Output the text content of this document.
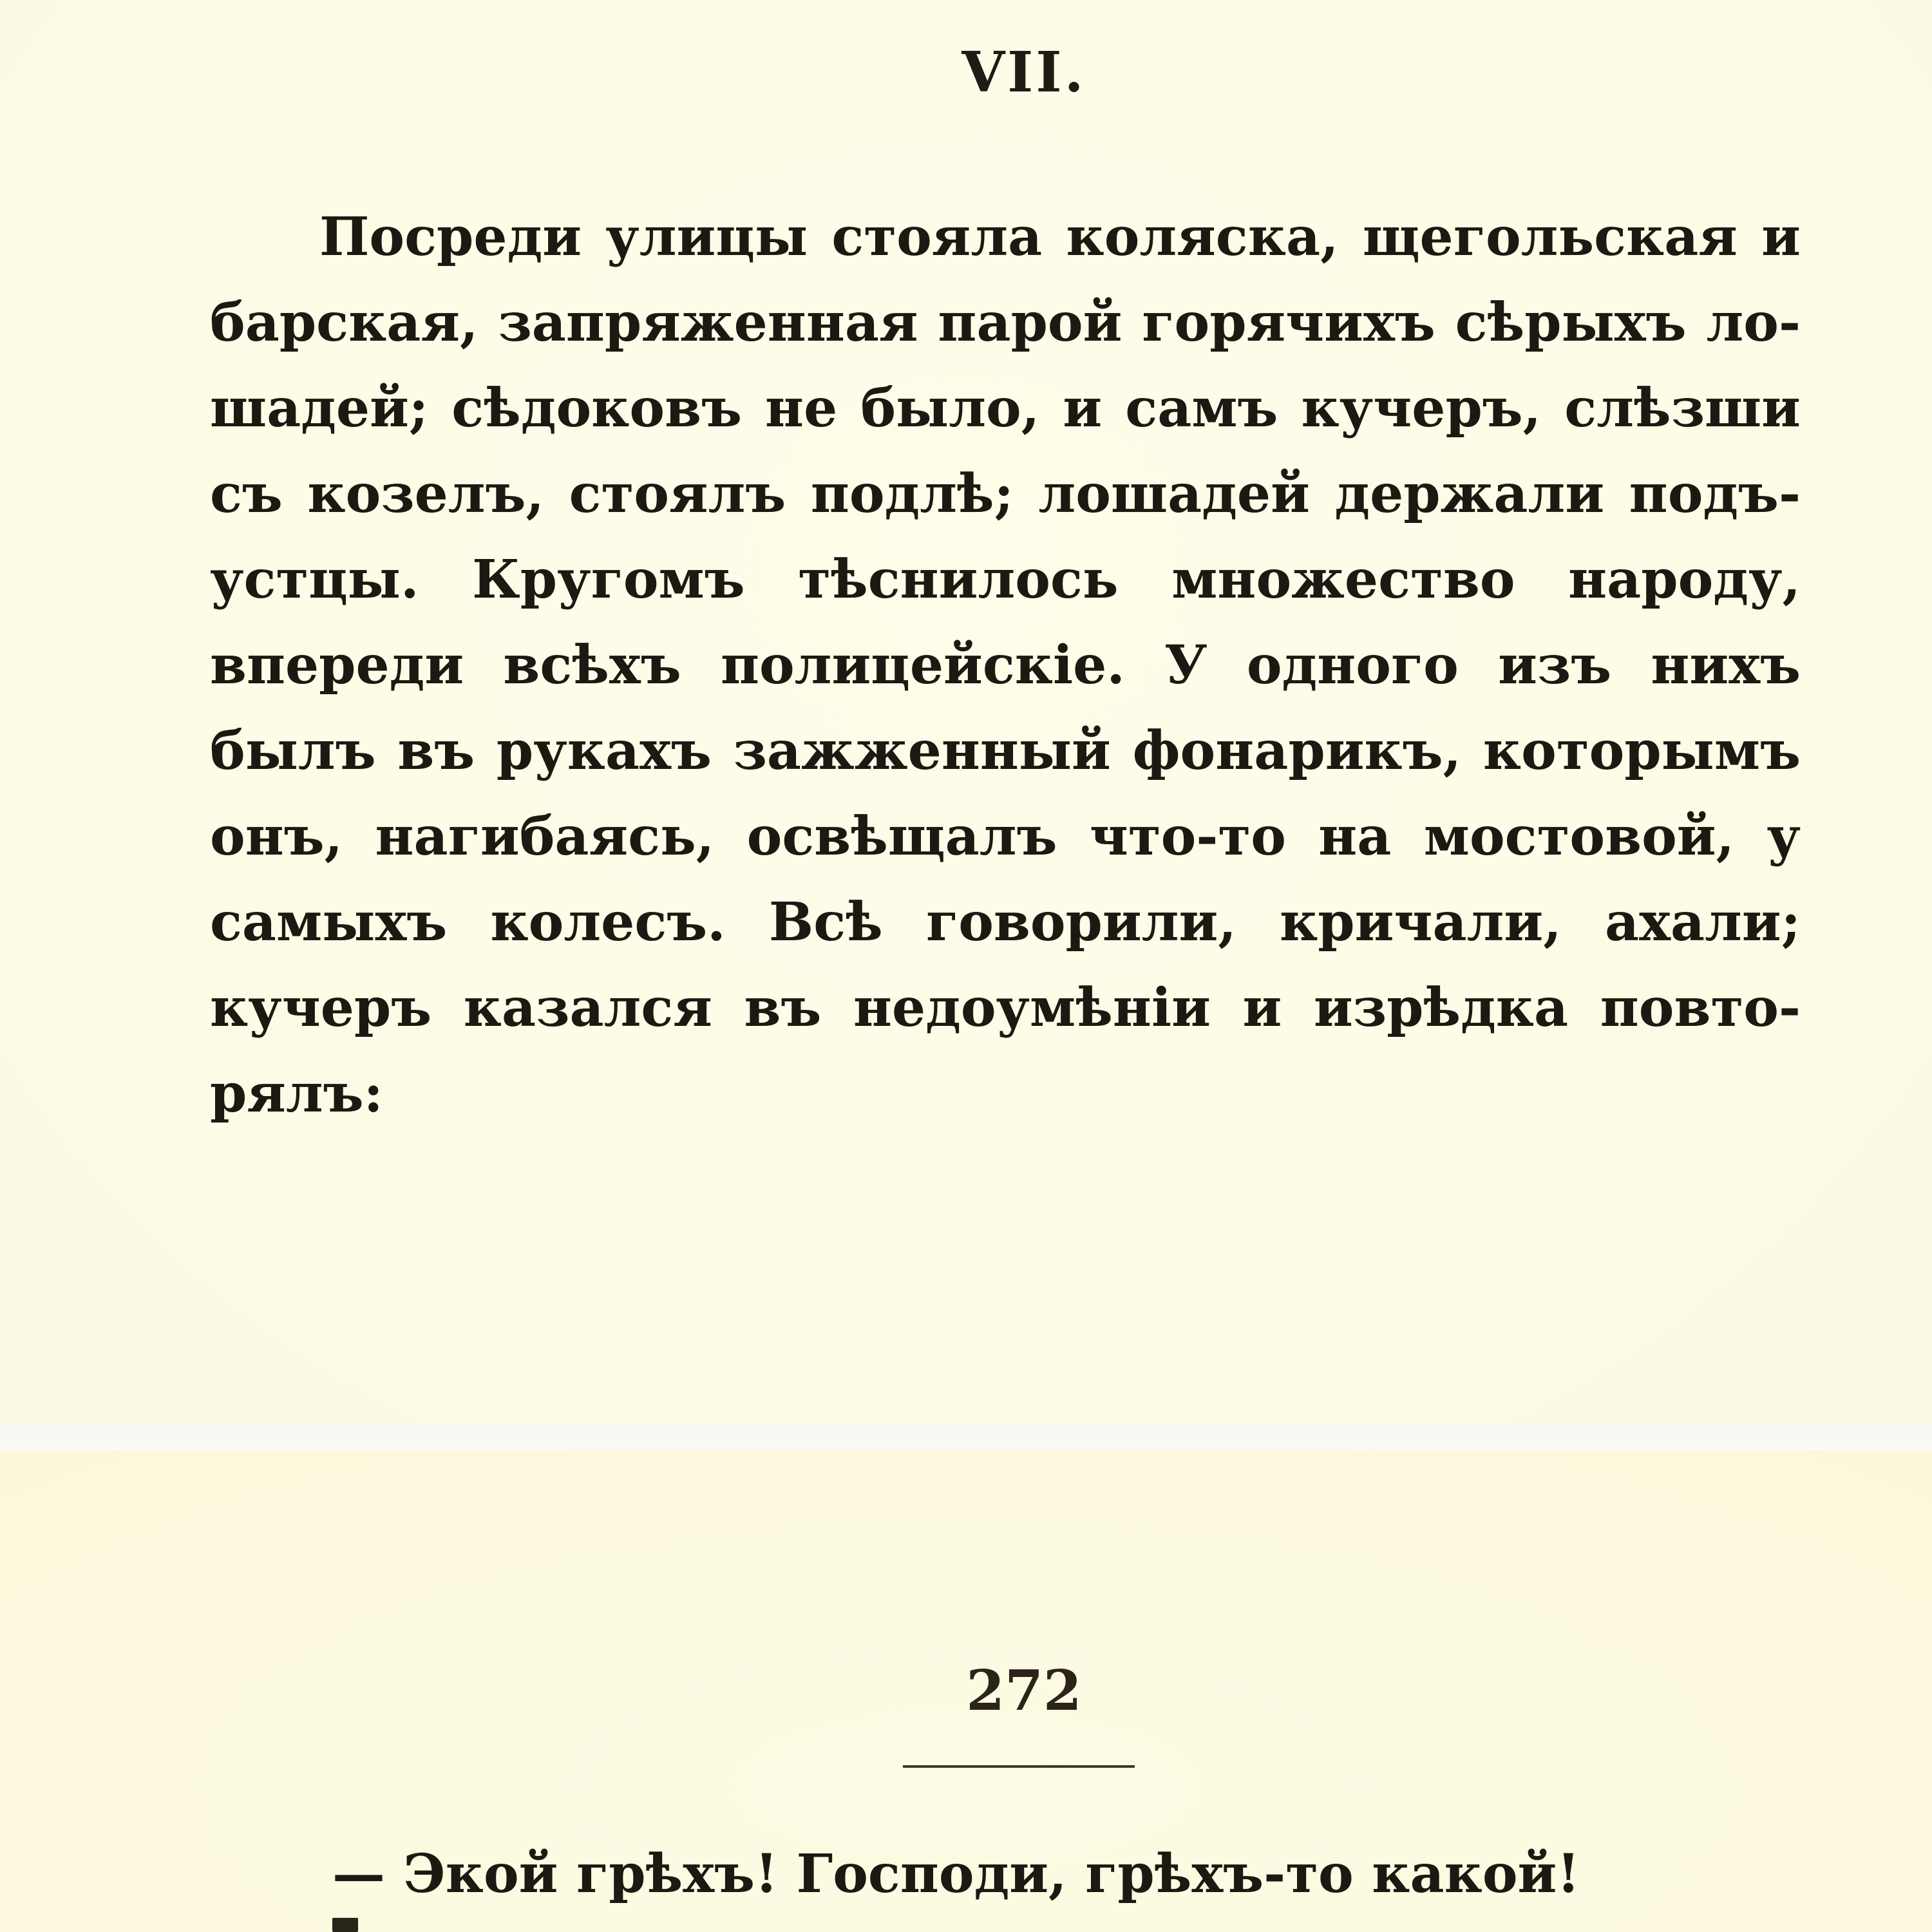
VII.

Посреди улицы стояла коляска, щегольская и барская, запряженная парой горячихъ сѣрыхъ лошадей; сѣдоковъ не было, и самъ кучеръ, слѣзши съ козелъ, стоялъ подлѣ; лошадей держали подъустцы. Кругомъ тѣснилось множество народу, впереди всѣхъ полицейскіе. У одного изъ нихъ былъ въ рукахъ зажженный фонарикъ, которымъ онъ, нагибаясь, освѣщалъ что-то на мостовой, у самыхъ колесъ. Всѣ говорили, кричали, ахали; кучеръ казался въ недоумѣніи и изрѣдка повторялъ:

272

— Экой грѣхъ! Господи, грѣхъ-то какой!
